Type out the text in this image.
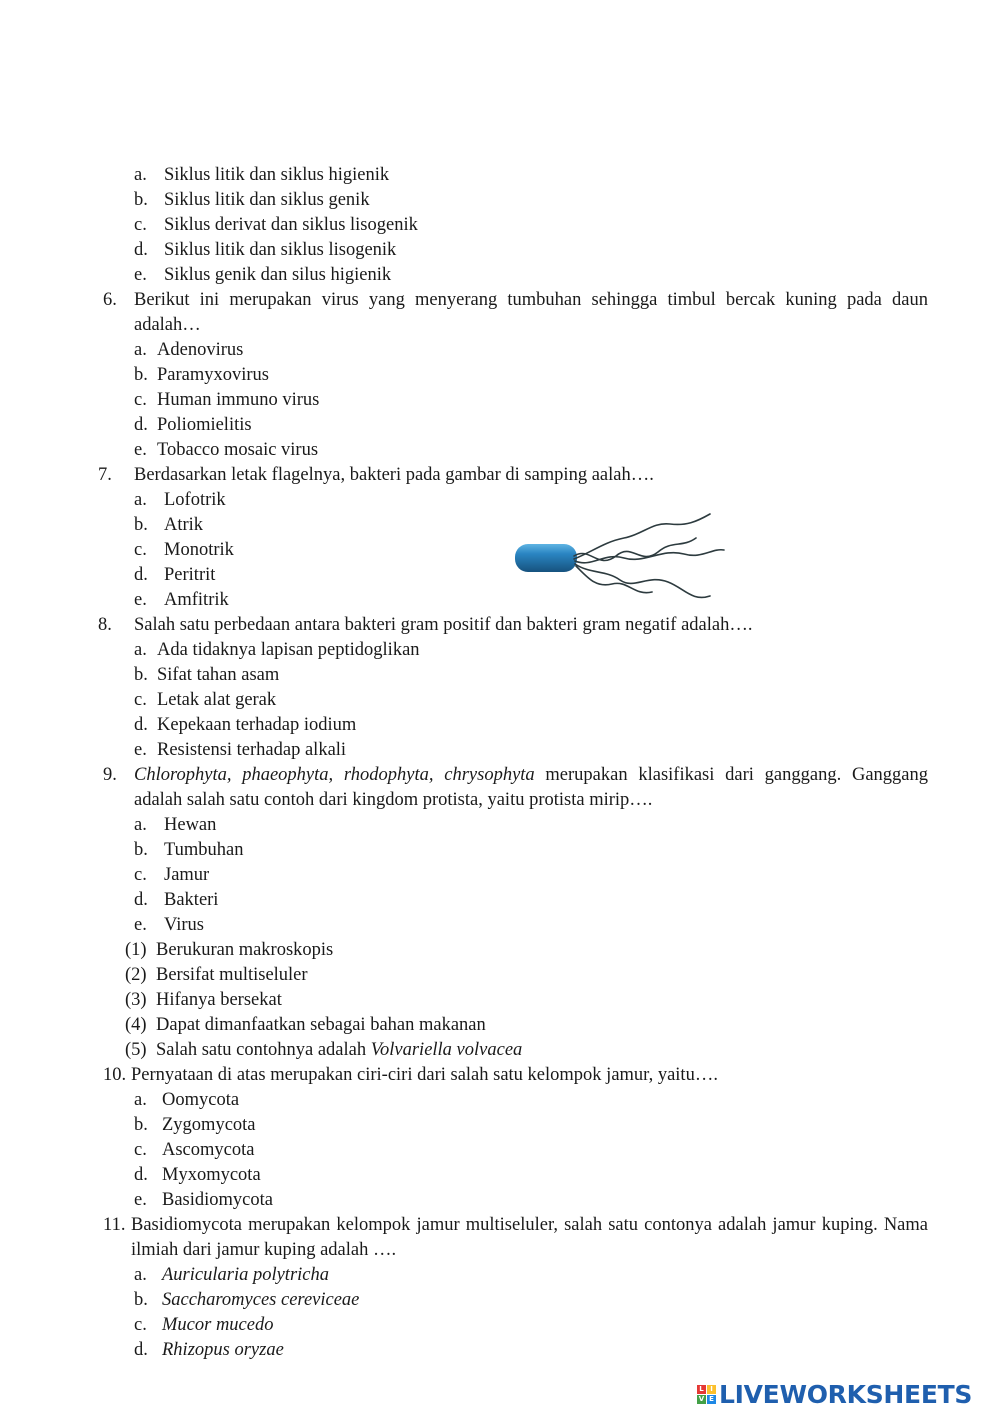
a. Siklus litik dan siklus higienik
b. Siklus litik dan siklus genik
c. Siklus derivat dan siklus lisogenik
d. Siklus litik dan siklus lisogenik
e. Siklus genik dan silus higienik
6. Berikut ini merupakan virus yang menyerang tumbuhan sehingga timbul bercak kuning pada daun adalah…
a. Adenovirus
b. Paramyxovirus
c. Human immuno virus
d. Poliomielitis
e. Tobacco mosaic virus
7. Berdasarkan letak flagelnya, bakteri pada gambar di samping aalah….
a. Lofotrik
b. Atrik
c. Monotrik
d. Peritrit
e. Amfitrik
8. Salah satu perbedaan antara bakteri gram positif dan bakteri gram negatif adalah….
a. Ada tidaknya lapisan peptidoglikan
b. Sifat tahan asam
c. Letak alat gerak
d. Kepekaan terhadap iodium
e. Resistensi terhadap alkali
9. Chlorophyta, phaeophyta, rhodophyta, chrysophyta merupakan klasifikasi dari ganggang. Ganggang adalah salah satu contoh dari kingdom protista, yaitu protista mirip….
a. Hewan
b. Tumbuhan
c. Jamur
d. Bakteri
e. Virus
(1) Berukuran makroskopis
(2) Bersifat multiseluler
(3) Hifanya bersekat
(4) Dapat dimanfaatkan sebagai bahan makanan
(5) Salah satu contohnya adalah Volvariella volvacea
10. Pernyataan di atas merupakan ciri-ciri dari salah satu kelompok jamur, yaitu….
a. Oomycota
b. Zygomycota
c. Ascomycota
d. Myxomycota
e. Basidiomycota
11. Basidiomycota merupakan kelompok jamur multiseluler, salah satu contonya adalah jamur kuping. Nama ilmiah dari jamur kuping adalah ….
a. Auricularia polytricha
b. Saccharomyces cereviceae
c. Mucor mucedo
d. Rhizopus oryzae
L I
V E LIVEWORKSHEETS
